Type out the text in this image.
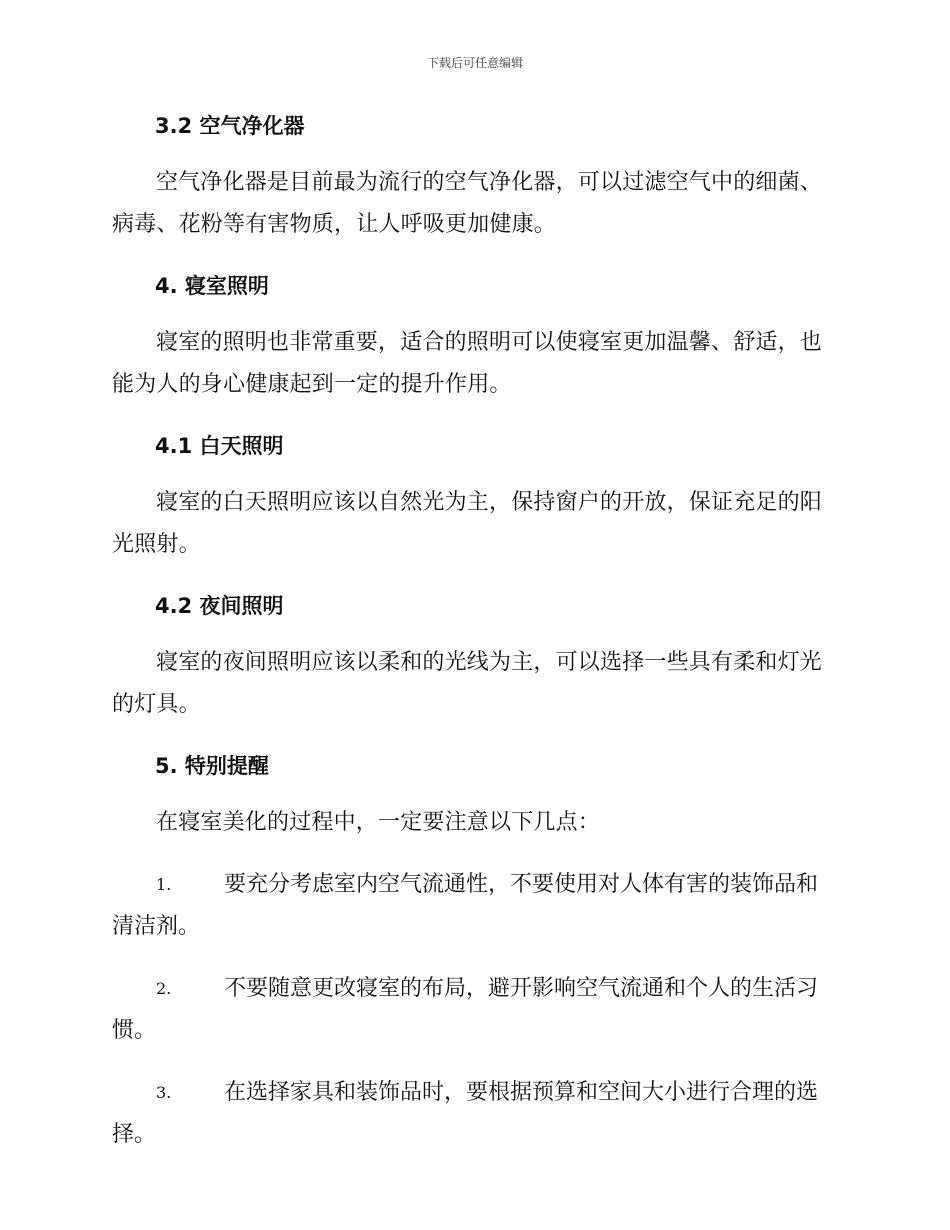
下载后可任意编辑
3.2 空气净化器

空气净化器是目前最为流行的空气净化器，可以过滤空气中的细菌、病毒、花粉等有害物质，让人呼吸更加健康。

4. 寝室照明

寝室的照明也非常重要，适合的照明可以使寝室更加温馨、舒适，也能为人的身心健康起到一定的提升作用。

4.1 白天照明

寝室的白天照明应该以自然光为主，保持窗户的开放，保证充足的阳光照射。

4.2 夜间照明

寝室的夜间照明应该以柔和的光线为主，可以选择一些具有柔和灯光的灯具。

5. 特别提醒

在寝室美化的过程中，一定要注意以下几点：

1. 要充分考虑室内空气流通性，不要使用对人体有害的装饰品和清洁剂。
2. 不要随意更改寝室的布局，避开影响空气流通和个人的生活习惯。
3. 在选择家具和装饰品时，要根据预算和空间大小进行合理的选择。
